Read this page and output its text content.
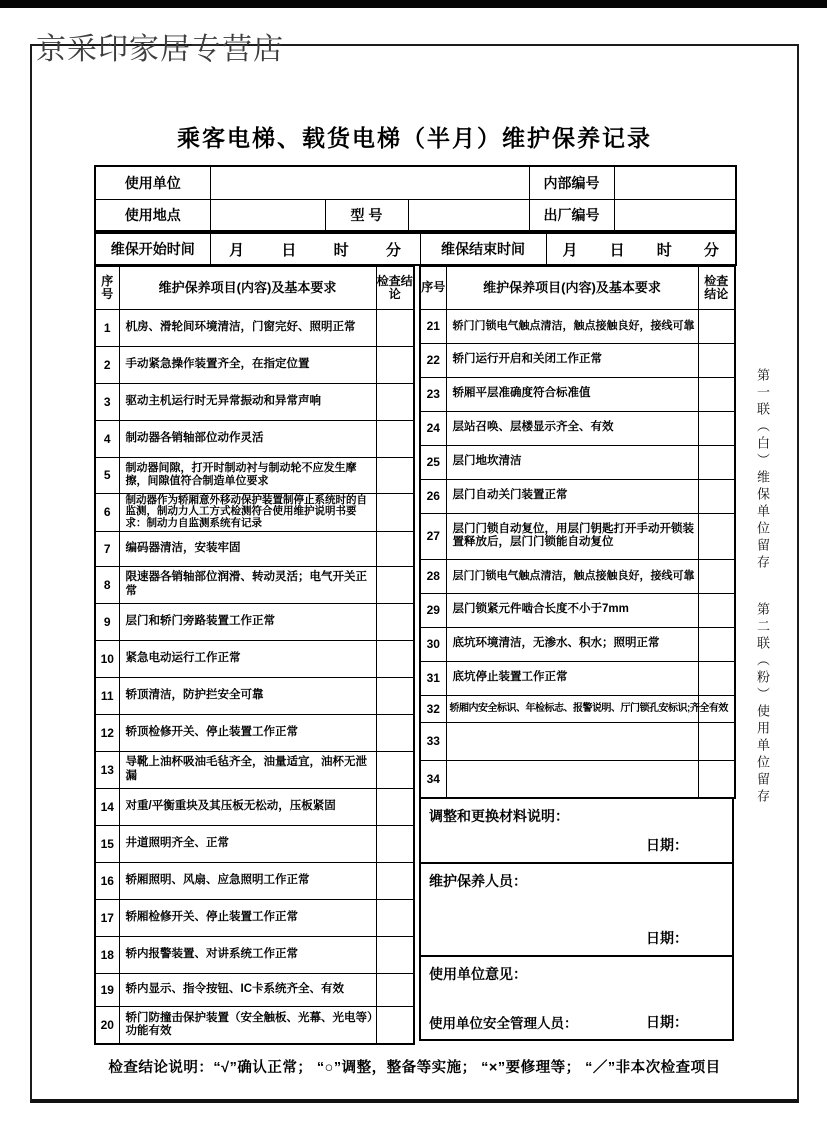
京采印家居专营店
乘客电梯、载货电梯（半月）维护保养记录
使用单位				内部编号	
使用地点		型 号		出厂编号	
维保开始时间	月 日 时 分	维保结束时间	月 日 时 分
序号	维护保养项目(内容)及基本要求	检查结论
1	机房、滑轮间环境清洁，门窗完好、照明正常	
2	手动紧急操作装置齐全，在指定位置	
3	驱动主机运行时无异常振动和异常声响	
4	制动器各销轴部位动作灵活	
5	制动器间隙，打开时制动衬与制动轮不应发生摩擦，间隙值符合制造单位要求	
6	制动器作为轿厢意外移动保护装置制停止系统时的自监测，制动力人工方式检测符合使用维护说明书要求：制动力自监测系统有记录	
7	编码器清洁，安装牢固	
8	限速器各销轴部位润滑、转动灵活；电气开关正常	
9	层门和轿门旁路装置工作正常	
10	紧急电动运行工作正常	
11	轿顶清洁，防护拦安全可靠	
12	轿顶检修开关、停止装置工作正常	
13	导靴上油杯吸油毛毡齐全，油量适宜，油杯无泄漏	
14	对重/平衡重块及其压板无松动，压板紧固	
15	井道照明齐全、正常	
16	轿厢照明、风扇、应急照明工作正常	
17	轿厢检修开关、停止装置工作正常	
18	轿内报警装置、对讲系统工作正常	
19	轿内显示、指令按钮、IC卡系统齐全、有效	
20	轿门防撞击保护装置（安全触板、光幕、光电等）功能有效	
序号	维护保养项目(内容)及基本要求	检查结论
21	轿门门锁电气触点清洁，触点接触良好，接线可靠	
22	轿门运行开启和关闭工作正常	
23	轿厢平层准确度符合标准值	
24	层站召唤、层楼显示齐全、有效	
25	层门地坎清洁	
26	层门自动关门装置正常	
27	层门门锁自动复位，用层门钥匙打开手动开锁装置释放后，层门门锁能自动复位	
28	层门门锁电气触点清洁，触点接触良好，接线可靠	
29	层门锁紧元件啮合长度不小于7mm	
30	底坑环境清洁，无渗水、积水；照明正常	
31	底坑停止装置工作正常	
32	轿厢内安全标识、年检标志、报警说明、厅门锁孔安标识;齐全有效	
33		
34		
调整和更换材料说明：
日期：
维护保养人员：
日期：
使用单位意见：
使用单位安全管理人员：	日期：
第一联（白）维保单位留存
第二联（粉）使用单位留存
检查结论说明：“√”确认正常； “○”调整，整备等实施； “×”要修理等； “／”非本次检查项目
